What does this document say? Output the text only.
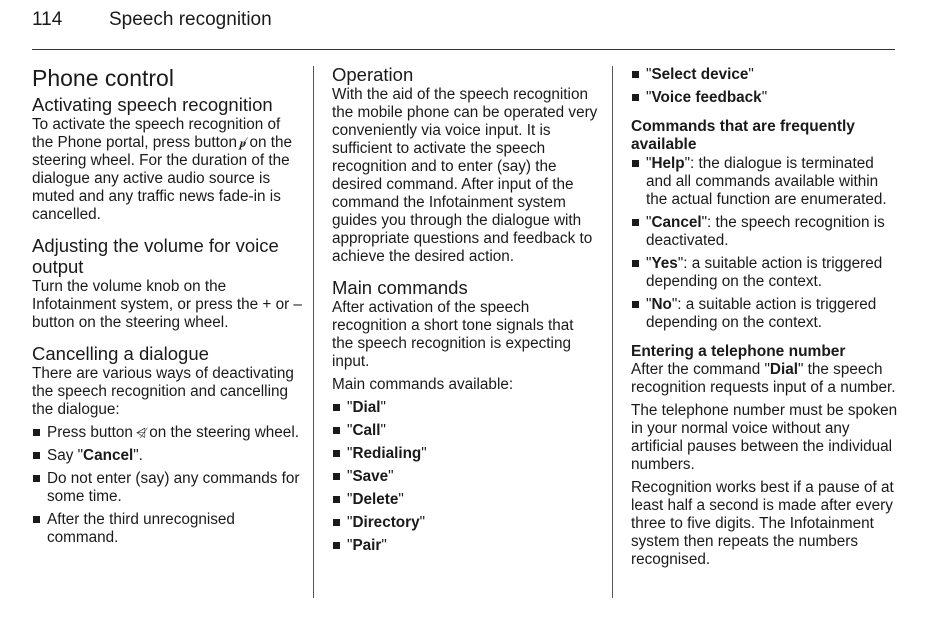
114 Speech recognition
Phone control
Activating speech recognition

To activate the speech recognition of the Phone portal, press button 𝆏̸ on the steering wheel. For the duration of the dialogue any active audio source is muted and any traffic news fade-in is cancelled.

Adjusting the volume for voice output

Turn the volume knob on the Infotainment system, or press the + or – button on the steering wheel.

Cancelling a dialogue

There are various ways of deactivating the speech recognition and cancelling the dialogue:

Press button ⩤̸ on the steering wheel.
Say "Cancel".
Do not enter (say) any commands for some time.
After the third unrecognised command.
Operation

With the aid of the speech recognition the mobile phone can be operated very conveniently via voice input. It is sufficient to activate the speech recognition and to enter (say) the desired command. After input of the command the Infotainment system guides you through the dialogue with appropriate questions and feedback to achieve the desired action.

Main commands

After activation of the speech recognition a short tone signals that the speech recognition is expecting input.

Main commands available:

"Dial"
"Call"
"Redialing"
"Save"
"Delete"
"Directory"
"Pair"
"Select device"
"Voice feedback"
Commands that are frequently available
"Help": the dialogue is terminated and all commands available within the actual function are enumerated.
"Cancel": the speech recognition is deactivated.
"Yes": a suitable action is triggered depending on the context.
"No": a suitable action is triggered depending on the context.
Entering a telephone number

After the command "Dial" the speech recognition requests input of a number.

The telephone number must be spoken in your normal voice without any artificial pauses between the individual numbers.

Recognition works best if a pause of at least half a second is made after every three to five digits. The Infotainment system then repeats the numbers recognised.
